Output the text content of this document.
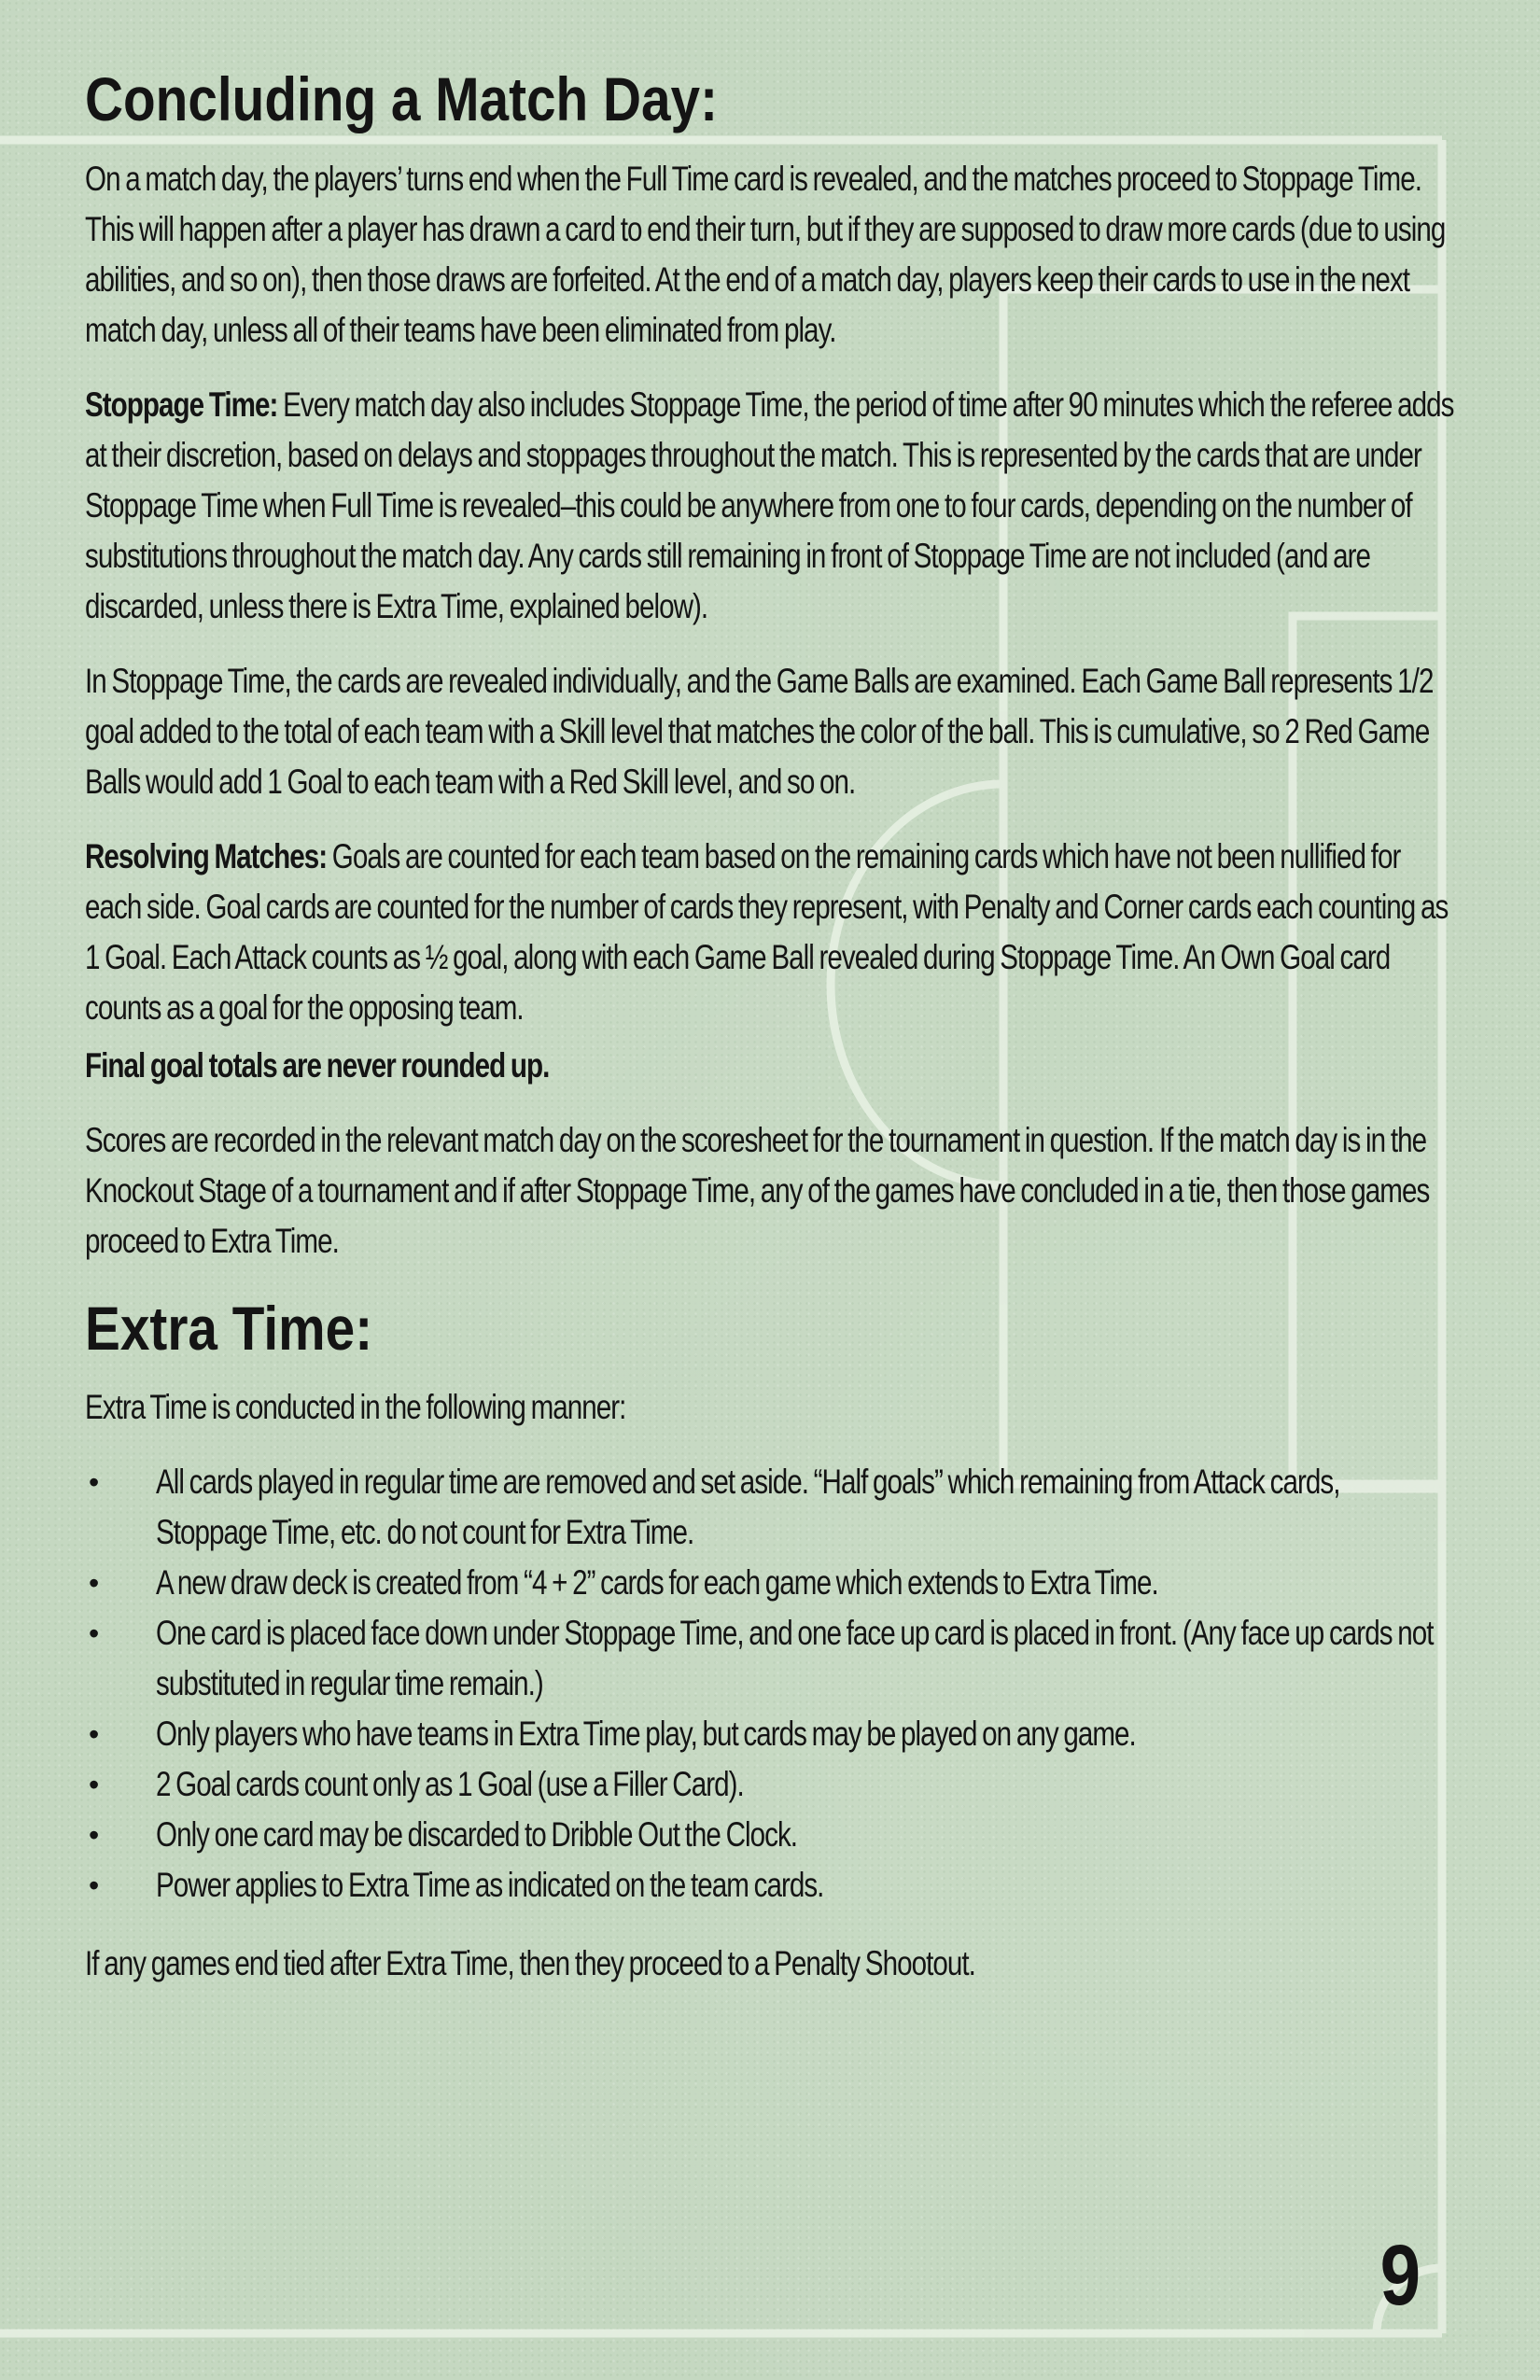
Concluding a Match Day:

On a match day, the players’ turns end when the Full Time card is revealed, and the matches proceed to Stoppage Time. This will happen after a player has drawn a card to end their turn, but if they are supposed to draw more cards (due to using abilities, and so on), then those draws are forfeited. At the end of a match day, players keep their cards to use in the next match day, unless all of their teams have been eliminated from play.

Stoppage Time: Every match day also includes Stoppage Time, the period of time after 90 minutes which the referee adds at their discretion, based on delays and stoppages throughout the match. This is represented by the cards that are under Stoppage Time when Full Time is revealed–this could be anywhere from one to four cards, depending on the number of substitutions throughout the match day. Any cards still remaining in front of Stoppage Time are not included (and are discarded, unless there is Extra Time, explained below).

In Stoppage Time, the cards are revealed individually, and the Game Balls are examined. Each Game Ball represents 1/2 goal added to the total of each team with a Skill level that matches the color of the ball. This is cumulative, so 2 Red Game Balls would add 1 Goal to each team with a Red Skill level, and so on.

Resolving Matches: Goals are counted for each team based on the remaining cards which have not been nullified for each side. Goal cards are counted for the number of cards they represent, with Penalty and Corner cards each counting as 1 Goal. Each Attack counts as ½ goal, along with each Game Ball revealed during Stoppage Time. An Own Goal card counts as a goal for the opposing team.

Final goal totals are never rounded up.

Scores are recorded in the relevant match day on the scoresheet for the tournament in question. If the match day is in the Knockout Stage of a tournament and if after Stoppage Time, any of the games have concluded in a tie, then those games proceed to Extra Time.

Extra Time:

Extra Time is conducted in the following manner:

• All cards played in regular time are removed and set aside. “Half goals” which remaining from Attack cards, Stoppage Time, etc. do not count for Extra Time.
• A new draw deck is created from “4 + 2” cards for each game which extends to Extra Time.
• One card is placed face down under Stoppage Time, and one face up card is placed in front. (Any face up cards not substituted in regular time remain.)
• Only players who have teams in Extra Time play, but cards may be played on any game.
• 2 Goal cards count only as 1 Goal (use a Filler Card).
• Only one card may be discarded to Dribble Out the Clock.
• Power applies to Extra Time as indicated on the team cards.

If any games end tied after Extra Time, then they proceed to a Penalty Shootout.

9
